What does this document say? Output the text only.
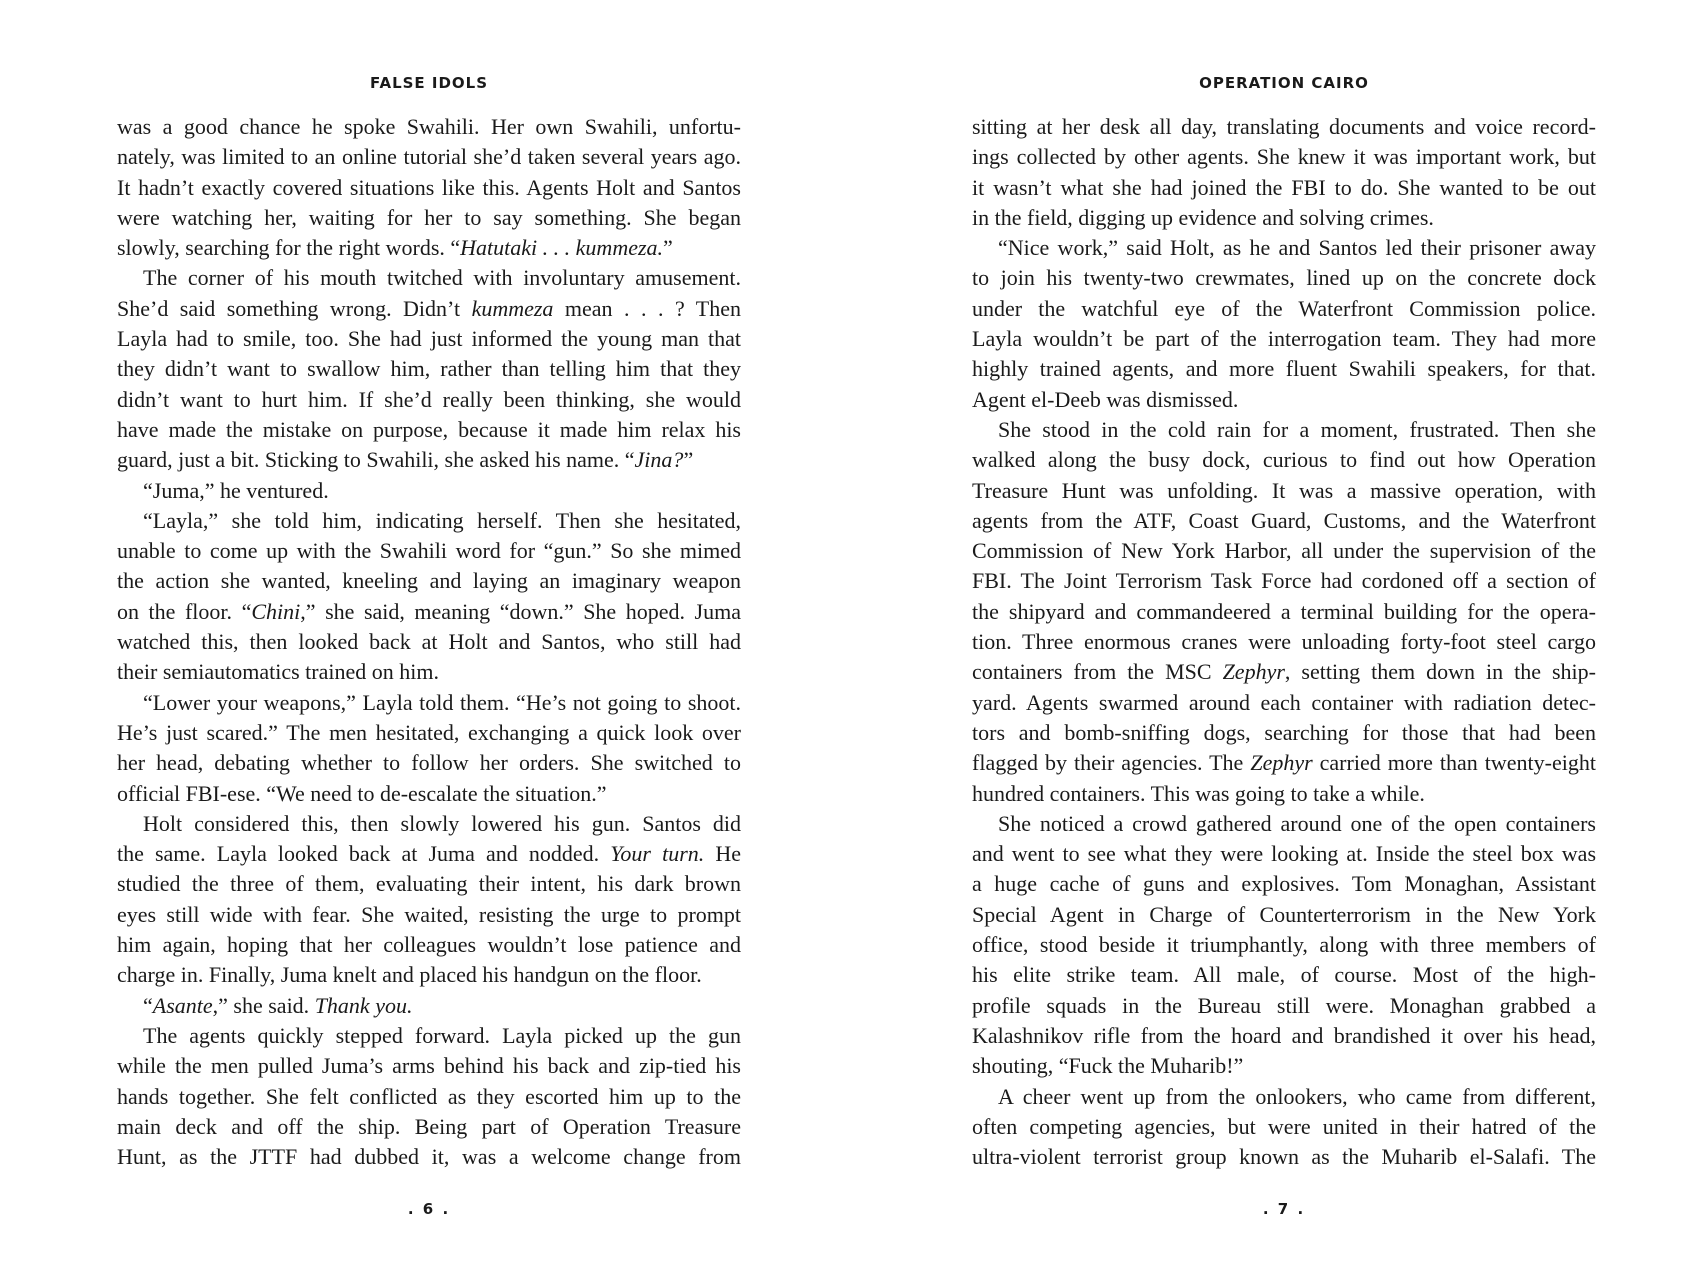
FALSE IDOLS
was a good chance he spoke Swahili. Her own Swahili, unfortu-
nately, was limited to an online tutorial she’d taken several years ago.
It hadn’t exactly covered situations like this. Agents Holt and Santos
were watching her, waiting for her to say something. She began
slowly, searching for the right words. “Hatutaki . . . kummeza.”
The corner of his mouth twitched with involuntary amusement.
She’d said something wrong. Didn’t kummeza mean . . . ? Then
Layla had to smile, too. She had just informed the young man that
they didn’t want to swallow him, rather than telling him that they
didn’t want to hurt him. If she’d really been thinking, she would
have made the mistake on purpose, because it made him relax his
guard, just a bit. Sticking to Swahili, she asked his name. “Jina?”
“Juma,” he ventured.
“Layla,” she told him, indicating herself. Then she hesitated,
unable to come up with the Swahili word for “gun.” So she mimed
the action she wanted, kneeling and laying an imaginary weapon
on the floor. “Chini,” she said, meaning “down.” She hoped. Juma
watched this, then looked back at Holt and Santos, who still had
their semiautomatics trained on him.
“Lower your weapons,” Layla told them. “He’s not going to shoot.
He’s just scared.” The men hesitated, exchanging a quick look over
her head, debating whether to follow her orders. She switched to
official FBI-ese. “We need to de-escalate the situation.”
Holt considered this, then slowly lowered his gun. Santos did
the same. Layla looked back at Juma and nodded. Your turn. He
studied the three of them, evaluating their intent, his dark brown
eyes still wide with fear. She waited, resisting the urge to prompt
him again, hoping that her colleagues wouldn’t lose patience and
charge in. Finally, Juma knelt and placed his handgun on the floor.
“Asante,” she said. Thank you.
The agents quickly stepped forward. Layla picked up the gun
while the men pulled Juma’s arms behind his back and zip-tied his
hands together. She felt conflicted as they escorted him up to the
main deck and off the ship. Being part of Operation Treasure
Hunt, as the JTTF had dubbed it, was a welcome change from
. 6 .
OPERATION CAIRO
sitting at her desk all day, translating documents and voice record-
ings collected by other agents. She knew it was important work, but
it wasn’t what she had joined the FBI to do. She wanted to be out
in the field, digging up evidence and solving crimes.
“Nice work,” said Holt, as he and Santos led their prisoner away
to join his twenty-two crewmates, lined up on the concrete dock
under the watchful eye of the Waterfront Commission police.
Layla wouldn’t be part of the interrogation team. They had more
highly trained agents, and more fluent Swahili speakers, for that.
Agent el-Deeb was dismissed.
She stood in the cold rain for a moment, frustrated. Then she
walked along the busy dock, curious to find out how Operation
Treasure Hunt was unfolding. It was a massive operation, with
agents from the ATF, Coast Guard, Customs, and the Waterfront
Commission of New York Harbor, all under the supervision of the
FBI. The Joint Terrorism Task Force had cordoned off a section of
the shipyard and commandeered a terminal building for the opera-
tion. Three enormous cranes were unloading forty-foot steel cargo
containers from the MSC Zephyr, setting them down in the ship-
yard. Agents swarmed around each container with radiation detec-
tors and bomb-sniffing dogs, searching for those that had been
flagged by their agencies. The Zephyr carried more than twenty-eight
hundred containers. This was going to take a while.
She noticed a crowd gathered around one of the open containers
and went to see what they were looking at. Inside the steel box was
a huge cache of guns and explosives. Tom Monaghan, Assistant
Special Agent in Charge of Counterterrorism in the New York
office, stood beside it triumphantly, along with three members of
his elite strike team. All male, of course. Most of the high-
profile squads in the Bureau still were. Monaghan grabbed a
Kalashnikov rifle from the hoard and brandished it over his head,
shouting, “Fuck the Muharib!”
A cheer went up from the onlookers, who came from different,
often competing agencies, but were united in their hatred of the
ultra-violent terrorist group known as the Muharib el-Salafi. The
. 7 .
